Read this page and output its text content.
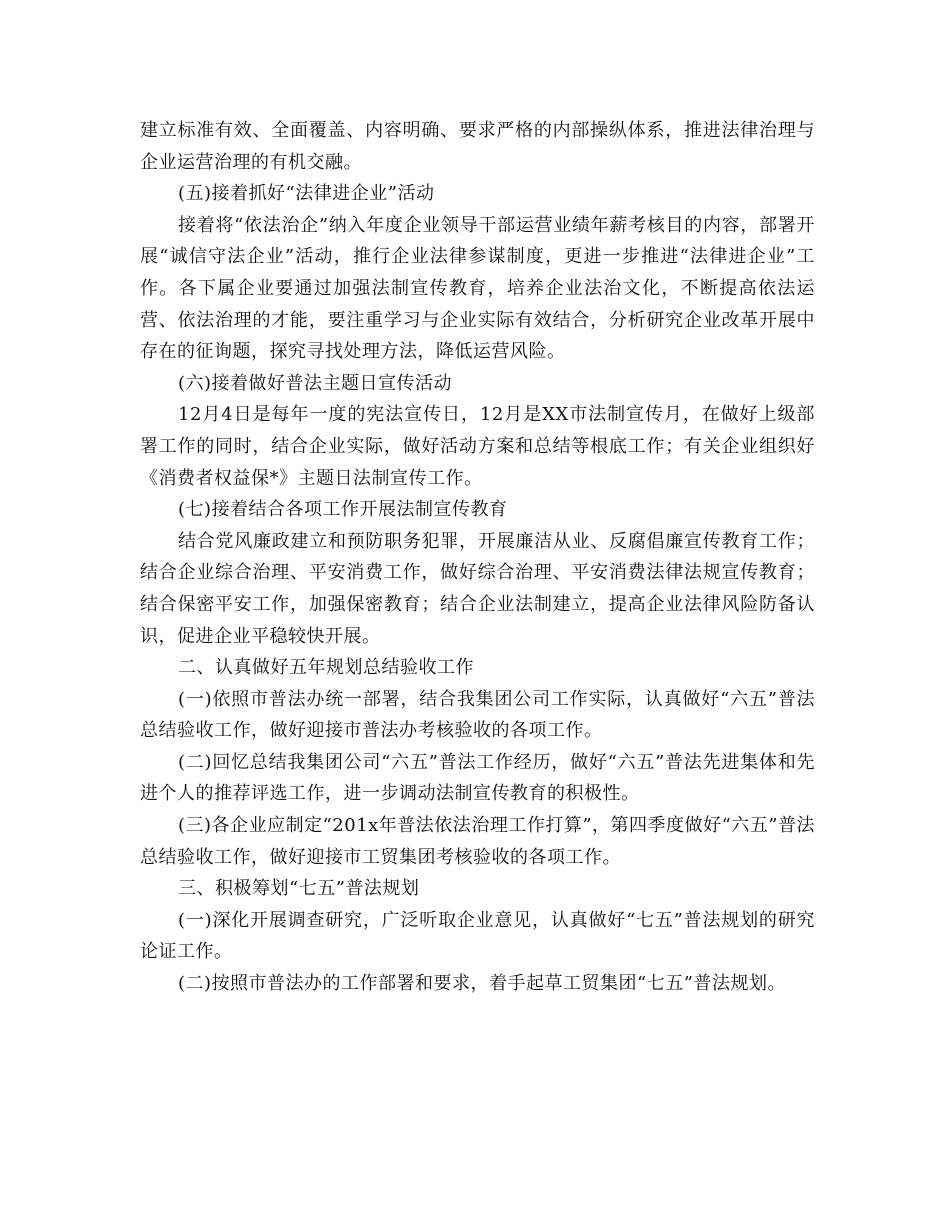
建立标准有效、全面覆盖、内容明确、要求严格的内部操纵体系，推进法律治理与企业运营治理的有机交融。

(五)接着抓好“法律进企业”活动

接着将“依法治企”纳入年度企业领导干部运营业绩年薪考核目的内容，部署开展“诚信守法企业”活动，推行企业法律参谋制度，更进一步推进“法律进企业”工作。各下属企业要通过加强法制宣传教育，培养企业法治文化，不断提高依法运营、依法治理的才能，要注重学习与企业实际有效结合，分析研究企业改革开展中存在的征询题，探究寻找处理方法，降低运营风险。

(六)接着做好普法主题日宣传活动

12月4日是每年一度的宪法宣传日，12月是XX市法制宣传月，在做好上级部署工作的同时，结合企业实际，做好活动方案和总结等根底工作；有关企业组织好《消费者权益保*》主题日法制宣传工作。

(七)接着结合各项工作开展法制宣传教育

结合党风廉政建立和预防职务犯罪，开展廉洁从业、反腐倡廉宣传教育工作；结合企业综合治理、平安消费工作，做好综合治理、平安消费法律法规宣传教育；结合保密平安工作，加强保密教育；结合企业法制建立，提高企业法律风险防备认识，促进企业平稳较快开展。

二、认真做好五年规划总结验收工作

(一)依照市普法办统一部署，结合我集团公司工作实际，认真做好“六五”普法总结验收工作，做好迎接市普法办考核验收的各项工作。

(二)回忆总结我集团公司“六五”普法工作经历，做好“六五”普法先进集体和先进个人的推荐评选工作，进一步调动法制宣传教育的积极性。

(三)各企业应制定“201x年普法依法治理工作打算”，第四季度做好“六五”普法总结验收工作，做好迎接市工贸集团考核验收的各项工作。

三、积极筹划“七五”普法规划

(一)深化开展调查研究，广泛听取企业意见，认真做好“七五”普法规划的研究论证工作。

(二)按照市普法办的工作部署和要求，着手起草工贸集团“七五”普法规划。
